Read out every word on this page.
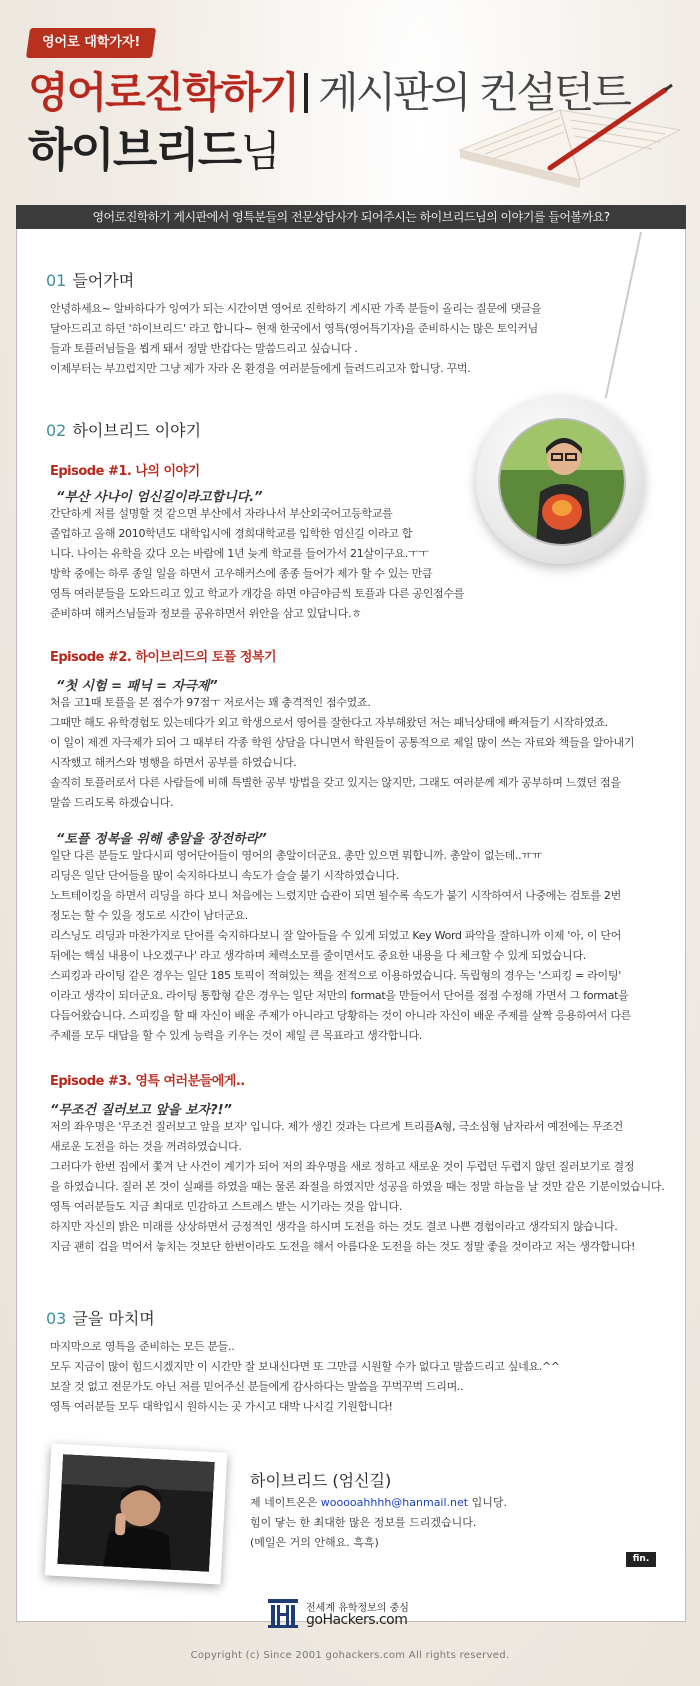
영어로 대학가자!
영어로진학하기 게시판의 컨설턴트
하이브리드님
영어로진학하기 게시판에서 영특분들의 전문상담사가 되어주시는 하이브리드님의 이야기를 들어볼까요?
01 들어가며

안녕하세요~ 알바하다가 잉여가 되는 시간이면 영어로 진학하기 게시판 가족 분들이 올리는 질문에 댓글을

달아드리고 하던 '하이브리드' 라고 합니다~ 현재 한국에서 영특(영어특기자)을 준비하시는 많은 토익커님

들과 토플러님들을 뵙게 돼서 정말 반갑다는 말씀드리고 싶습니다 .

이제부터는 부끄럽지만 그냥 제가 자라 온 환경을 여러분들에게 들려드리고자 합니당. 꾸벅.

02 하이브리드 이야기
Episode #1. 나의 이야기
“부산 사나이 엄신길이라고합니다.”

간단하게 저를 설명할 것 같으면 부산에서 자라나서 부산외국어고등학교를

졸업하고 올해 2010학년도 대학입시에 경희대학교를 입학한 엄신길 이라고 합

니다. 나이는 유학을 갔다 오는 바람에 1년 늦게 학교를 들어가서 21살이구요.ㅜㅜ

방학 중에는 하루 종일 일을 하면서 고우해커스에 종종 들어가 제가 할 수 있는 만큼

영특 여러분들을 도와드리고 있고 학교가 개강을 하면 야금야금씩 토플과 다른 공인점수를

준비하며 해커스님들과 정보를 공유하면서 위안을 삼고 있답니다.ㅎ

Episode #2. 하이브리드의 토플 정복기
“첫 시험 = 패닉 = 자극제”

처음 고1때 토플을 본 점수가 97점ㅜ 저로서는 꽤 충격적인 점수였죠.

그때만 해도 유학경험도 있는데다가 외고 학생으로서 영어를 잘한다고 자부해왔던 저는 패닉상태에 빠져들기 시작하였죠.

이 일이 제겐 자극제가 되어 그 때부터 각종 학원 상담을 다니면서 학원들이 공통적으로 제일 많이 쓰는 자료와 책들을 알아내기

시작했고 해커스와 병행을 하면서 공부를 하였습니다.

솔직히 토플러로서 다른 사람들에 비해 특별한 공부 방법을 갖고 있지는 않지만, 그래도 여러분께 제가 공부하며 느꼈던 점을

말씀 드리도록 하겠습니다.

“토플 정복을 위해 총알을 장전하라”

일단 다른 분들도 알다시피 영어단어들이 영어의 총알이더군요. 총만 있으면 뭐합니까. 총알이 없는데..ㅠㅠ

리딩은 일단 단어들을 많이 숙지하다보니 속도가 슬슬 붙기 시작하였습니다.

노트테이킹을 하면서 리딩을 하다 보니 처음에는 느렸지만 습관이 되면 될수록 속도가 붙기 시작하여서 나중에는 검토를 2번

정도는 할 수 있을 정도로 시간이 남더군요.

리스닝도 리딩과 마찬가지로 단어를 숙지하다보니 잘 알아들을 수 있게 되었고 Key Word 파악을 잘하니까 이제 '아, 이 단어

뒤에는 핵심 내용이 나오겠구나' 라고 생각하며 체력소모를 줄이면서도 중요한 내용을 다 체크할 수 있게 되었습니다.

스피킹과 라이팅 같은 경우는 일단 185 토픽이 적혀있는 책을 전적으로 이용하였습니다. 독립형의 경우는 '스피킹 = 라이팅'

이라고 생각이 되더군요. 라이팅 통합형 같은 경우는 일단 저만의 format을 만들어서 단어를 점점 수정해 가면서 그 format을

다듬어왔습니다. 스피킹을 할 때 자신이 배운 주제가 아니라고 당황하는 것이 아니라 자신이 배운 주제를 살짝 응용하여서 다른

주제를 모두 대답을 할 수 있게 능력을 키우는 것이 제일 큰 목표라고 생각합니다.

Episode #3. 영특 여러분들에게..
“무조건 질러보고 앞을 보자?!”

저의 좌우명은 '무조건 질러보고 앞을 보자' 입니다. 제가 생긴 것과는 다르게 트리플A형, 극소심형 남자라서 예전에는 무조건

새로운 도전을 하는 것을 꺼려하였습니다.

그러다가 한번 집에서 쫓겨 난 사건이 계기가 되어 저의 좌우명을 새로 정하고 새로운 것이 두렵던 두렵지 않던 질러보기로 결정

을 하였습니다. 질러 본 것이 실패를 하였을 때는 물론 좌절을 하였지만 성공을 하였을 때는 정말 하늘을 날 것만 같은 기분이었습니다.

영특 여러분들도 지금 최대로 민감하고 스트레스 받는 시기라는 것을 압니다.

하지만 자신의 밝은 미래를 상상하면서 긍정적인 생각을 하시며 도전을 하는 것도 결코 나쁜 경험이라고 생각되지 않습니다.

지금 괜히 겁을 먹어서 놓치는 것보단 한번이라도 도전을 해서 아름다운 도전을 하는 것도 정말 좋을 것이라고 저는 생각합니다!

03 글을 마치며

마지막으로 영특을 준비하는 모든 분들..

모두 지금이 많이 힘드시겠지만 이 시간만 잘 보내신다면 또 그만큼 시원할 수가 없다고 말씀드리고 싶네요.^^

보잘 것 없고 전문가도 아닌 저를 믿어주신 분들에게 감사하다는 말씀을 꾸벅꾸벅 드리며..

영특 여러분들 모두 대학입시 원하시는 곳 가시고 대박 나시길 기원합니다!

하이브리드 (엄신길)
제 네이트온은 wooooahhhh@hanmail.net 입니당.
힘이 닿는 한 최대한 많은 정보를 드리겠습니다.
(메일은 거의 안해요. 흑흑)
fin.
전세계 유학정보의 중심
goHackers.com
Copyright (c) Since 2001 gohackers.com All rights reserved.
